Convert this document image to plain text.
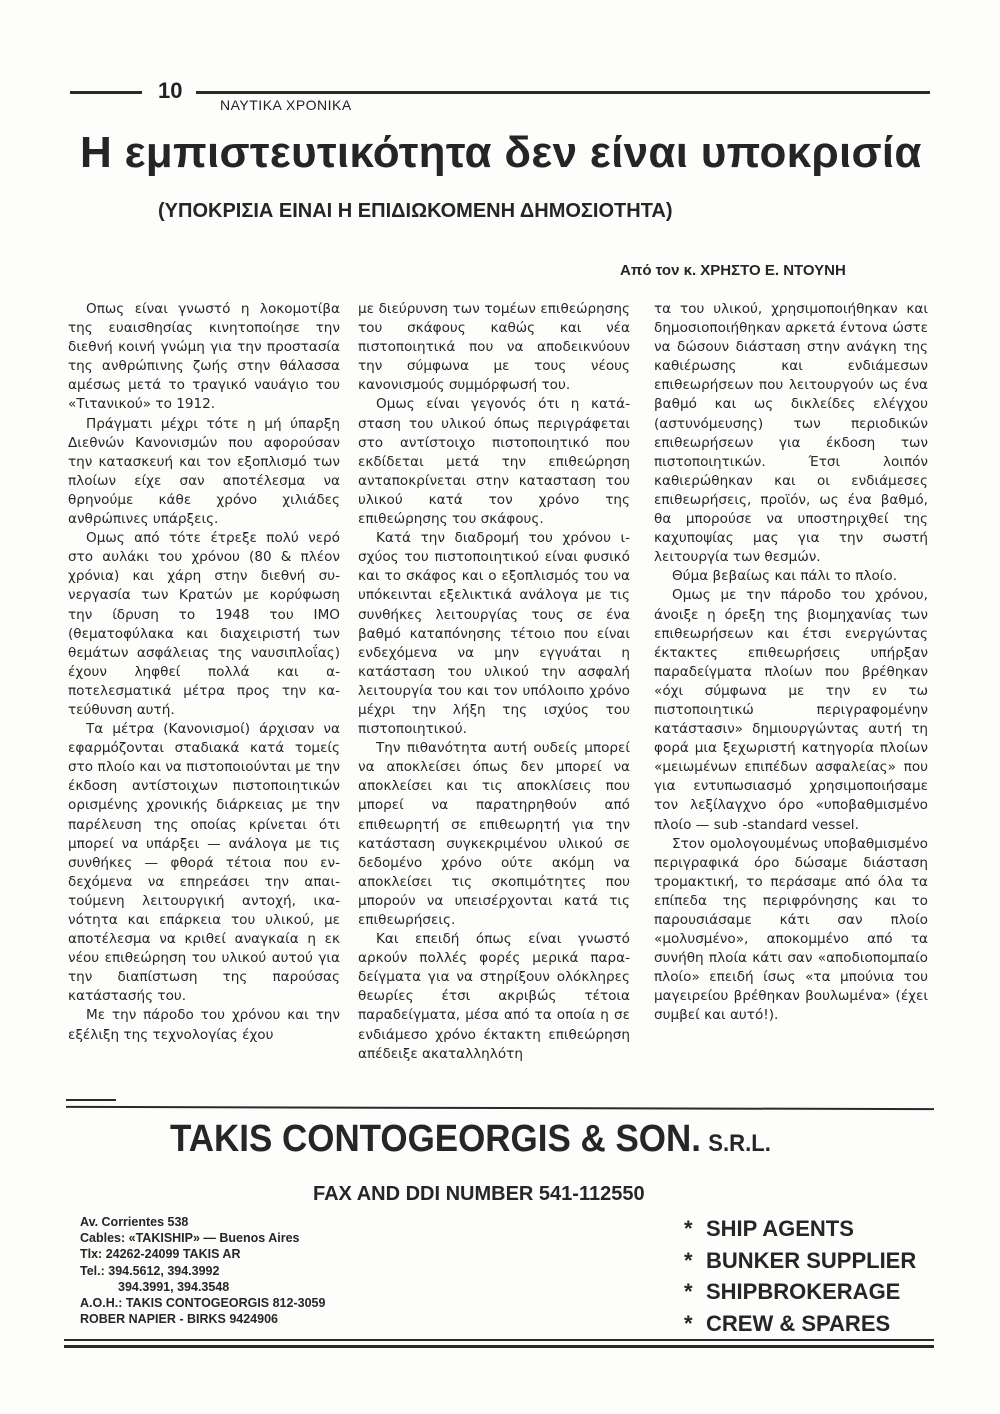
10
ΝΑΥΤΙΚΑ ΧΡΟΝΙΚΑ
Η εμπιστευτικότητα δεν είναι υποκρισία
(ΥΠΟΚΡΙΣΙΑ ΕΙΝΑΙ Η ΕΠΙΔΙΩΚΟΜΕΝΗ ΔΗΜΟΣΙΟΤΗΤΑ)
Από τον κ. ΧΡΗΣΤΟ Ε. ΝΤΟΥΝΗ

Oπως είναι γνωστό η λοκομοτίβα της ευαισθησίας κινητοποίησε την διεθνή κοινή γνώμη για την προστασία της ανθρώπινης ζωής στην θάλασσα αμέσως μετά το τραγικό ναυάγιο του «Τιτανικού» το 1912.

Πράγματι μέχρι τότε η μή ύπαρξη Διεθνών Κανονισμών που αφορούσαν την κατασκευή και τον εξοπλισμό των πλοίων είχε σαν αποτέλεσμα να θρηνούμε κάθε χρόνο χιλιάδες ανθρώπινες υπάρξεις.

Ομως από τότε έτρεξε πολύ νερό στο αυλάκι του χρόνου (80 & πλέον χρόνια) και χάρη στην διεθνή συνεργασία των Κρατών με κορύφωση την ίδρυση το 1948 του IMO (θεματοφύλακα και διαχειριστή των θεμάτων ασφάλειας της ναυσιπλοΐας) έχουν ληφθεί πολλά και αποτελεσματικά μέτρα προς την κατεύθυνση αυτή.

Τα μέτρα (Κανονισμοί) άρχισαν να εφαρμόζονται σταδιακά κατά τομείς στο πλοίο και να πιστοποιούνται με την έκδοση αντίστοιχων πιστοποιητικών ορισμένης χρονικής διάρκειας με την παρέλευση της οποίας κρίνεται ότι μπορεί να υπάρξει — ανάλογα με τις συνθήκες — φθορά τέτοια που ενδεχόμενα να επηρεάσει την απαιτούμενη λειτουργική αντοχή, ικανότητα και επάρκεια του υλικού, με αποτέλεσμα να κριθεί αναγκαία η εκ νέου επιθεώρηση του υλικού αυτού για την διαπίστωση της παρούσας κατάστασής του.

Με την πάροδο του χρόνου και την εξέλιξη της τεχνολογίας έχου

με διεύρυνση των τομέων επιθεώρησης του σκάφους καθώς και νέα πιστοποιητικά που να αποδεικνύουν την σύμφωνα με τους νέους κανονισμούς συμμόρφωσή του.

Ομως είναι γεγονός ότι η κατάσταση του υλικού όπως περιγράφεται στο αντίστοιχο πιστοποιητικό που εκδίδεται μετά την επιθεώρηση ανταποκρίνεται στην κατασταση του υλικού κατά τον χρόνο της επιθεώρησης του σκάφους.

Κατά την διαδρομή του χρόνου ισχύος του πιστοποιητικού είναι φυσικό και το σκάφος και ο εξοπλισμός του να υπόκεινται εξελικτικά ανάλογα με τις συνθήκες λειτουργίας τους σε ένα βαθμό καταπόνησης τέτοιο που είναι ενδεχόμενα να μην εγγυάται η κατάσταση του υλικού την ασφαλή λειτουργία του και τον υπόλοιπο χρόνο μέχρι την λήξη της ισχύος του πιστοποιητικού.

Την πιθανότητα αυτή ουδείς μπορεί να αποκλείσει όπως δεν μπορεί να αποκλείσει και τις αποκλίσεις που μπορεί να παρατηρηθούν από επιθεωρητή σε επιθεωρητή για την κατάσταση συγκεκριμένου υλικού σε δεδομένο χρόνο ούτε ακόμη να αποκλείσει τις σκοπιμότητες που μπορούν να υπεισέρχονται κατά τις επιθεωρήσεις.

Και επειδή όπως είναι γνωστό αρκούν πολλές φορές μερικά παραδείγματα για να στηρίξουν ολόκληρες θεωρίες έτσι ακριβώς τέτοια παραδείγματα, μέσα από τα οποία η σε ενδιάμεσο χρόνο έκτακτη επιθεώρηση απέδειξε ακαταλληλότη

τα του υλικού, χρησιμοποιήθηκαν και δημοσιοποιήθηκαν αρκετά έντονα ώστε να δώσουν διάσταση στην ανάγκη της καθιέρωσης και ενδιάμεσων επιθεωρήσεων που λειτουργούν ως ένα βαθμό και ως δικλείδες ελέγχου (αστυνόμευσης) των περιοδικών επιθεωρήσεων για έκδοση των πιστοποιητικών. Έτσι λοιπόν καθιερώθηκαν και οι ενδιάμεσες επιθεωρήσεις, προϊόν, ως ένα βαθμό, θα μπορούσε να υποστηριχθεί της καχυποψίας μας για την σωστή λειτουργία των θεσμών.

Θύμα βεβαίως και πάλι το πλοίο.

Ομως με την πάροδο του χρόνου, άνοιξε η όρεξη της βιομηχανίας των επιθεωρήσεων και έτσι ενεργώντας έκτακτες επιθεωρήσεις υπήρξαν παραδείγματα πλοίων που βρέθηκαν «όχι σύμφωνα με την εν τω πιστοποιητικώ περιγραφομένην κατάστασιν» δημιουργώντας αυτή τη φορά μια ξεχωριστή κατηγορία πλοίων «μειωμένων επιπέδων ασφαλείας» που για εντυπωσιασμό χρησιμοποιήσαμε τον λεξίλαγχνο όρο «υποβαθμισμένο πλοίο — sub -standard vessel.

Στον ομολογουμένως υποβαθμισμένο περιγραφικά όρο δώσαμε διάσταση τρομακτική, το περάσαμε από όλα τα επίπεδα της περιφρόνησης και το παρουσιάσαμε κάτι σαν πλοίο «μολυσμένο», αποκομμένο από τα συνήθη πλοία κάτι σαν «αποδιοπομπαίο πλοίο» επειδή ίσως «τα μπούνια του μαγειρείου βρέθηκαν βουλωμένα» (έχει συμβεί και αυτό!).

TAKIS CONTOGEORGIS & SON. S.R.L.
FAX AND DDI NUMBER 541-112550
Av. Corrientes 538
Cables: «TAKISHIP» — Buenos Aires
Tlx: 24262-24099 TAKIS AR
Tel.: 394.5612, 394.3992
394.3991, 394.3548
A.O.H.: TAKIS CONTOGEORGIS 812-3059
ROBER NAPIER - BIRKS 9424906
* SHIP AGENTS
* BUNKER SUPPLIER
* SHIPBROKERAGE
* CREW & SPARES
